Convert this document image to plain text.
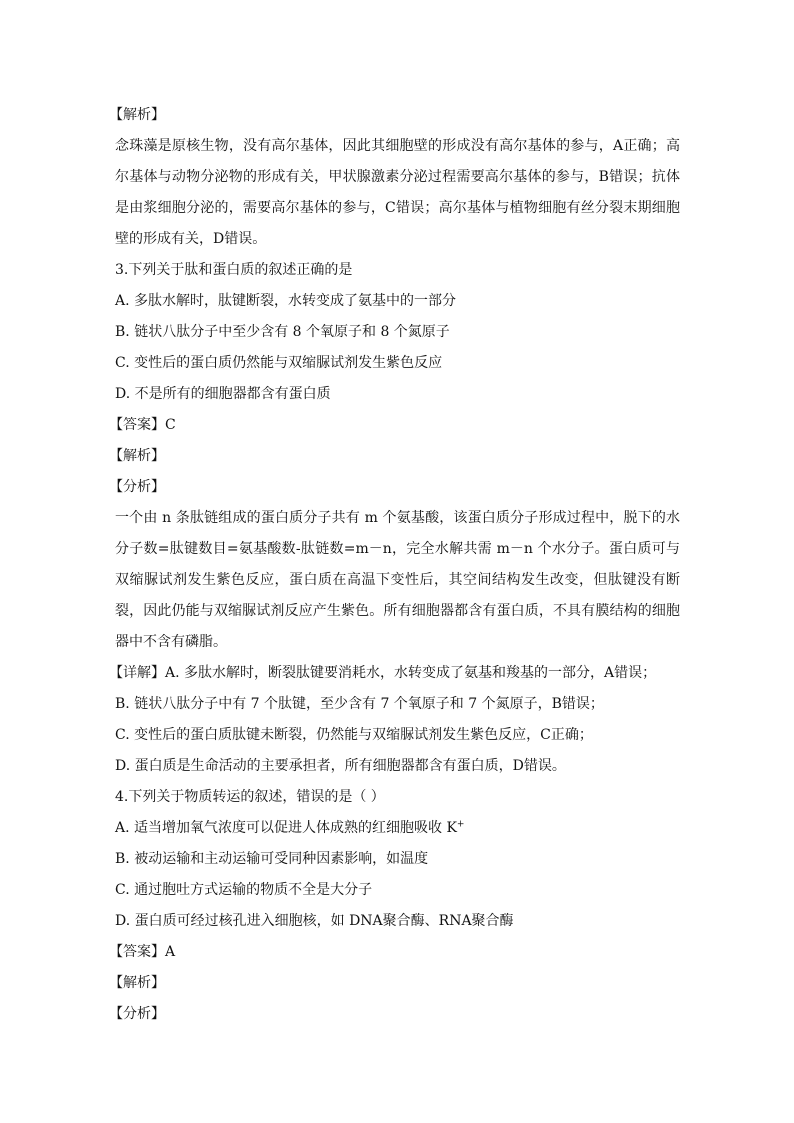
【解析】
念珠藻是原核生物，没有高尔基体，因此其细胞壁的形成没有高尔基体的参与，A正确；高尔基体与动物分泌物的形成有关，甲状腺激素分泌过程需要高尔基体的参与，B错误；抗体是由浆细胞分泌的，需要高尔基体的参与，C错误；高尔基体与植物细胞有丝分裂末期细胞壁的形成有关，D错误。
3.下列关于肽和蛋白质的叙述正确的是
A. 多肽水解时，肽键断裂，水转变成了氨基中的一部分
B. 链状八肽分子中至少含有 8 个氧原子和 8 个氮原子
C. 变性后的蛋白质仍然能与双缩脲试剂发生紫色反应
D. 不是所有的细胞器都含有蛋白质
【答案】C
【解析】
【分析】
一个由 n 条肽链组成的蛋白质分子共有 m 个氨基酸，该蛋白质分子形成过程中，脱下的水分子数=肽键数目=氨基酸数-肽链数=m－n，完全水解共需 m－n 个水分子。蛋白质可与双缩脲试剂发生紫色反应，蛋白质在高温下变性后，其空间结构发生改变，但肽键没有断裂，因此仍能与双缩脲试剂反应产生紫色。所有细胞器都含有蛋白质，不具有膜结构的细胞器中不含有磷脂。
【详解】A. 多肽水解时，断裂肽键要消耗水，水转变成了氨基和羧基的一部分，A错误；
B. 链状八肽分子中有 7 个肽键，至少含有 7 个氧原子和 7 个氮原子，B错误；
C. 变性后的蛋白质肽键未断裂，仍然能与双缩脲试剂发生紫色反应，C正确；
D. 蛋白质是生命活动的主要承担者，所有细胞器都含有蛋白质，D错误。
4.下列关于物质转运的叙述，错误的是（ ）
A. 适当增加氧气浓度可以促进人体成熟的红细胞吸收 K+
B. 被动运输和主动运输可受同种因素影响，如温度
C. 通过胞吐方式运输的物质不全是大分子
D. 蛋白质可经过核孔进入细胞核，如 DNA聚合酶、RNA聚合酶
【答案】A
【解析】
【分析】
